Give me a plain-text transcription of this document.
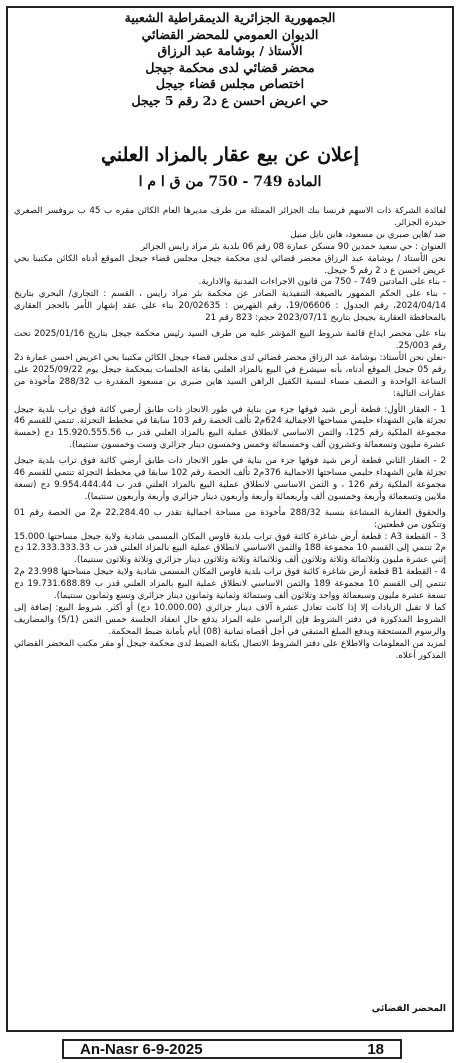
الجمهورية الجزائرية الديمقراطية الشعبية
الديوان العمومي للمحضر القضائي
الأستاذ / بوشامة عبد الرزاق
محضر قضائي لدى محكمة جيجل
اختصاص مجلس قضاء جيجل
حي اعريض احسن ع د2 رقم 5 جيجل
إعلان عن بيع عقار بالمزاد العلني
المادة 749 - 750 من ق ا م ا

لفائدة الشركة ذات الاسهم فرنسا بنك الجزائر الممثلة من طرف مديرها العام الكائن مقره ب 45 ب بروفسر الصغري حيدرة الجزائر.

ضد /هاين صبري بن مسعود، هاين نايل منيل

العنوان : حي سعيد حمدين 90 مسكن عمارة 08 رقم 06 بلدية بئر مراد رايس الجزائر

نحن الأستاذ / بوشامة عبد الرزاق محضر قضائي لدى محكمة جيجل مجلس قضاء جيجل الموقع أدناه الكائن مكتبنا بحي عريض احسن ع د 2 رقم 5 جيجل.

- بناء على المادتين 749 - 750 من قانون الاجراءات المدنية والادارية.

- بناء على الحكم الممهور بالصيغة التنفيذية الصادر عن محكمة بئر مراد رايس ، القسم : التجاري/ البحري بتاريخ 2024/04/14، رقم الجدول : 19/06606، رقم الفهرس : 20/02635 بناء على عقد إشهار الأمر بالحجز العقاري بالمحافظة العقارية بجيجل بتاريخ 2023/07/11 حجم: 823 رقم 21

بناء على محضر ايداع قائمة شروط البيع المؤشر عليه من طرف السيد رئيس محكمة جيجل بتاريخ 2025/01/16 تحت رقم 25/003.

-نعلن نحن الأستاذ: بوشامة عبد الرزاق محضر قضائي لدى مجلس قضاء جيجل الكائن مكتبنا بحي اعريض احسن عمارة د2 رقم 05 جيجل الموقع أدناه، بأنه سيشرع في البيع بالمزاد العلني بقاعة الجلسات بمحكمة جيجل يوم 2025/09/22 على الساعة الواحدة و النصف مساء لنسبة الكفيل الراهن السيد هاين صبري بن مسعود المقدرة ب 288/32 مأخوذة من عقارات التالية:

1 - العقار الأول: قطعة أرض شيد فوقها جزء من بناية في طور الانجاز ذات طابق أرضي كائنة فوق تراب بلدية جيجل تجزئة هاين الشهداء حليمي مساحتها الاجمالية 624م2 تألف الحصة رقم 103 سابقا في مخطط التجزئة. تنتمي للقسم 46 مجموعة الملكية رقم 125، والثمن الاساسي لانطلاق عملية البيع بالمزاد العلني قدر ب 15.920.555.56 دج (خمسة عشرة مليون وتسعمائة وعشرون ألف وخمسمائة وخمس وخمسون دينار جزائري وست وخمسون سنتيما).

2 - العقار الثاني قطعة أرض شيد فوقها جزء من بناية في طور الانجاز ذات طابق أرضي كائنة فوق تراب بلدية جيجل تجزئة هاين الشهداء حليمي مساحتها الاجمالية 376م2 تألف الحصة رقم 102 سابقا في مخطط التجزئة تنتمي للقسم 46 مجموعة الملكية رقم 126 ، و الثمن الاساسي لانطلاق عملية البيع بالمزاد العلني قدر ب 9.954.444.44 دج (تسعة ملايين وتسعمائة وأربعة وخمسون ألف وأربعمائة وأربعة وأربعون دينار جزائري وأربعة وأربعون سنتيما).

والحقوق العقارية المشاعة بنسبة 288/32 مأخوذة من مساحة اجمالية تقدر ب 22.284.40 م2 من الحصة رقم 01 وتتكون من قطعتين:

3 - القطعة A3 : قطعة أرض شاغرة كائنة فوق تراب بلدية قاوس المكان المسمى شادية ولاية جيجل مساحتها 15.000 م2 تنتمي إلى القسم 10 مجموعة 188 والثمن الاساسي لانطلاق عملية البيع بالمزاد العلني قدر ب 12.333.333.33 دج إثني عشرة مليون وثلاثمائة وثلاثة وثلاثون ألف وثلاثمائة وثلاثة وثلاثون دينار جزائري وثلاثة وثلاثون سنتيما).

4 - القطعة B1 قطعة أرض شاغرة كائنة فوق تراب بلدية قاوس المكان المسمى شادية ولاية جيجل مساحتها 23.998 م2 تنتمي إلى القسم 10 مجموعة 189 والثمن الاساسي لانطلاق عملية البيع بالمزاد العلني قدر ب 19.731.688.89 دج تسعة عشرة مليون وسبعمائة وواحد وثلاثون ألف وستمائة وثمانية وثمانون دينار جزائري وتسع وثمانون سنتيما).

كما لا تقبل الزيادات إلا إذا كانت تعادل عشرة آلاف دينار جزائري (10.000.00 دج) أو أكثر. شروط البيع: إضافة إلى الشروط المذكورة في دفتر الشروط فإن الراسي عليه المزاد يدفع حال انعقاد الجلسة خمس الثمن (5/1) والمصاريف والرسوم المستحقة ويدفع المبلغ المتبقي في أجل أقصاه ثمانية (08) أيام بأمانة ضبط المحكمة.

لمزيد من المعلومات والاطلاع على دفتر الشروط الاتصال بكتابة الضبط لدى محكمة جيجل أو مقر مكتب المحضر القضائي المذكور أعلاه.

المحضر القضائي
An-Nasr 6-9-2025	18
